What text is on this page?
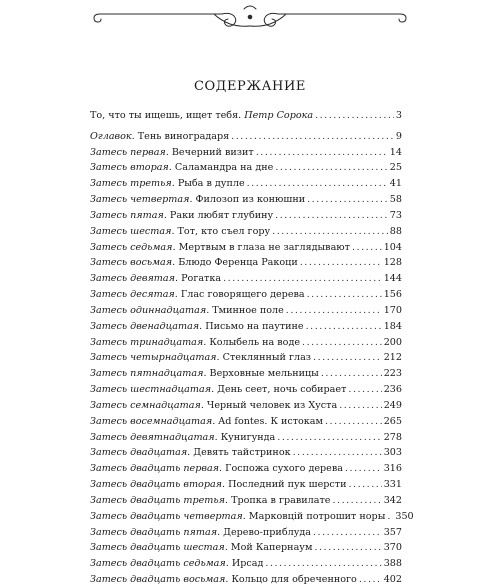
СОДЕРЖАНИЕ
То, что ты ищешь, ищет тебя. Петр Сорока .....	3
Оглавок. Тень виноградаря .....	9
Затесь первая. Вечерний визит .....	14
Затесь вторая. Саламандра на дне .....	25
Затесь третья. Рыба в дупле .....	41
Затесь четвертая. Филозоп из конюшни .....	58
Затесь пятая. Раки любят глубину .....	73
Затесь шестая. Тот, кто съел гору .....	88
Затесь седьмая. Мертвым в глаза не заглядывают .....	104
Затесь восьмая. Блюдо Ференца Ракоци .....	128
Затесь девятая. Рогатка .....	144
Затесь десятая. Глас говорящего дерева .....	156
Затесь одиннадцатая. Тминное поле .....	170
Затесь двенадцатая. Письмо на паутине .....	184
Затесь тринадцатая. Колыбель на воде .....	200
Затесь четырнадцатая. Стеклянный глаз .....	212
Затесь пятнадцатая. Верховные мельницы .....	223
Затесь шестнадцатая. День сеет, ночь собирает .....	236
Затесь семнадцатая. Черный человек из Хуста .....	249
Затесь восемнадцатая. Ad fontes. К истокам .....	265
Затесь девятнадцатая. Кунигунда .....	278
Затесь двадцатая. Девять тайстринок .....	303
Затесь двадцать первая. Госпожа сухого дерева .....	316
Затесь двадцать вторая. Последний пук шерсти .....	331
Затесь двадцать третья. Тропка в гравилате .....	342
Затесь двадцать четвертая. Марковцій потрошит норы ..... 350
Затесь двадцать пятая. Дерево-приблуда .....	357
Затесь двадцать шестая. Мой Капернаум .....	370
Затесь двадцать седьмая. Ирсад .....	388
Затесь двадцать восьмая. Кольцо для обреченного .....	402
